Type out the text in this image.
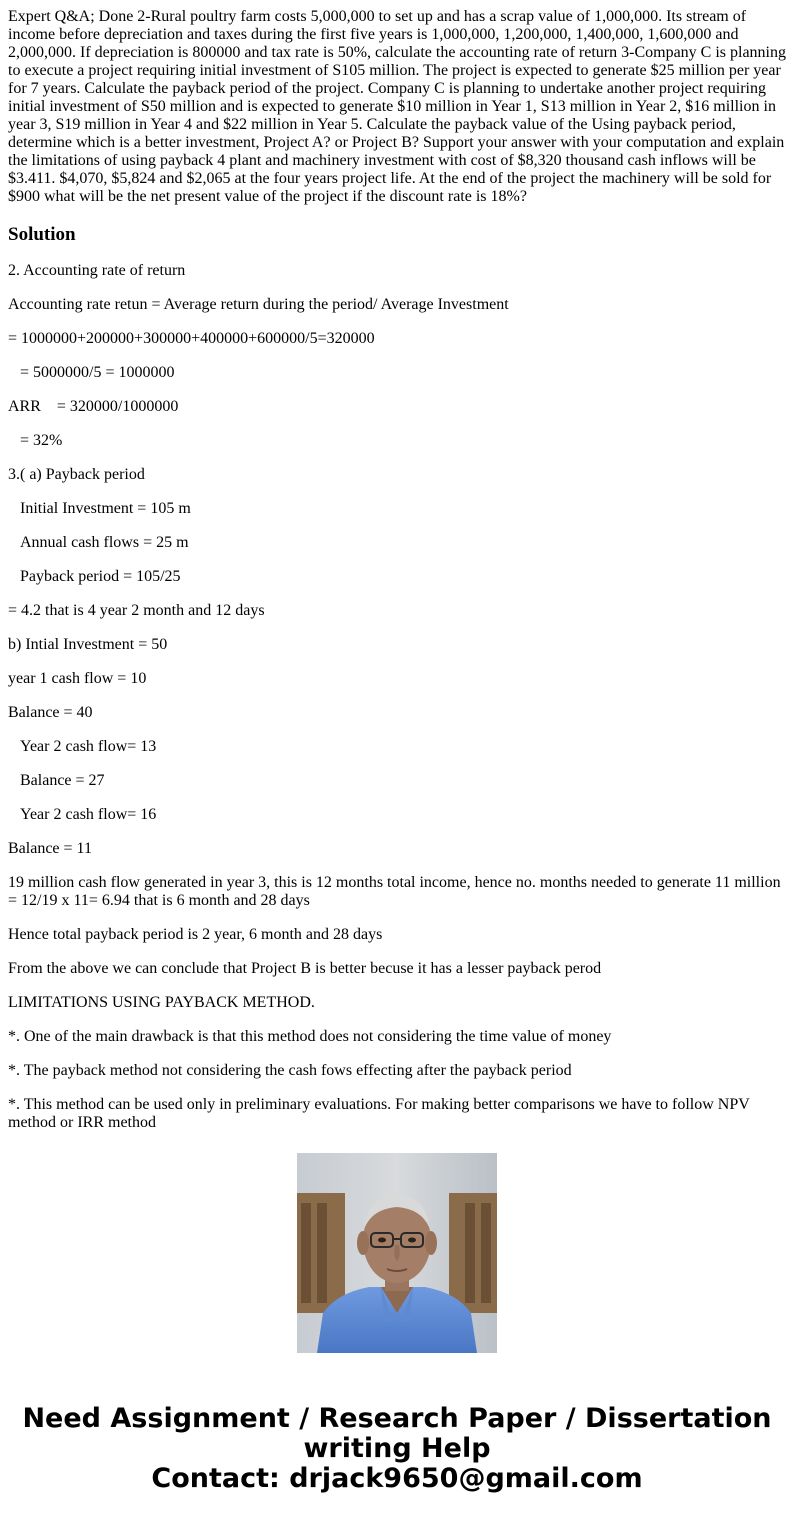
Expert Q&A; Done 2-Rural poultry farm costs 5,000,000 to set up and has a scrap value of 1,000,000. Its stream of income before depreciation and taxes during the first five years is 1,000,000, 1,200,000, 1,400,000, 1,600,000 and 2,000,000. If depreciation is 800000 and tax rate is 50%, calculate the accounting rate of return 3-Company C is planning to execute a project requiring initial investment of S105 million. The project is expected to generate $25 million per year for 7 years. Calculate the payback period of the project. Company C is planning to undertake another project requiring initial investment of S50 million and is expected to generate $10 million in Year 1, S13 million in Year 2, $16 million in year 3, S19 million in Year 4 and $22 million in Year 5. Calculate the payback value of the Using payback period, determine which is a better investment, Project A? or Project B? Support your answer with your computation and explain the limitations of using payback 4 plant and machinery investment with cost of $8,320 thousand cash inflows will be $3.411. $4,070, $5,824 and $2,065 at the four years project life. At the end of the project the machinery will be sold for $900 what will be the net present value of the project if the discount rate is 18%?

Solution

2. Accounting rate of return

Accounting rate retun = Average return during the period/ Average Investment

= 1000000+200000+300000+400000+600000/5=320000

= 5000000/5 = 1000000

ARR    = 320000/1000000

= 32%

3.( a) Payback period

Initial Investment = 105 m

Annual cash flows = 25 m

Payback period = 105/25

= 4.2 that is 4 year 2 month and 12 days

b) Intial Investment = 50

year 1 cash flow = 10

Balance = 40

Year 2 cash flow= 13

Balance = 27

Year 2 cash flow= 16

Balance = 11

19 million cash flow generated in year 3, this is 12 months total income, hence no. months needed to generate 11 million = 12/19 x 11= 6.94 that is 6 month and 28 days

Hence total payback period is 2 year, 6 month and 28 days

From the above we can conclude that Project B is better becuse it has a lesser payback perod

LIMITATIONS USING PAYBACK METHOD.

*. One of the main drawback is that this method does not considering the time value of money

*. The payback method not considering the cash fows effecting after the payback period

*. This method can be used only in preliminary evaluations. For making better comparisons we have to follow NPV method or IRR method

Need Assignment / Research Paper / Dissertation
writing Help
Contact: drjack9650@gmail.com
